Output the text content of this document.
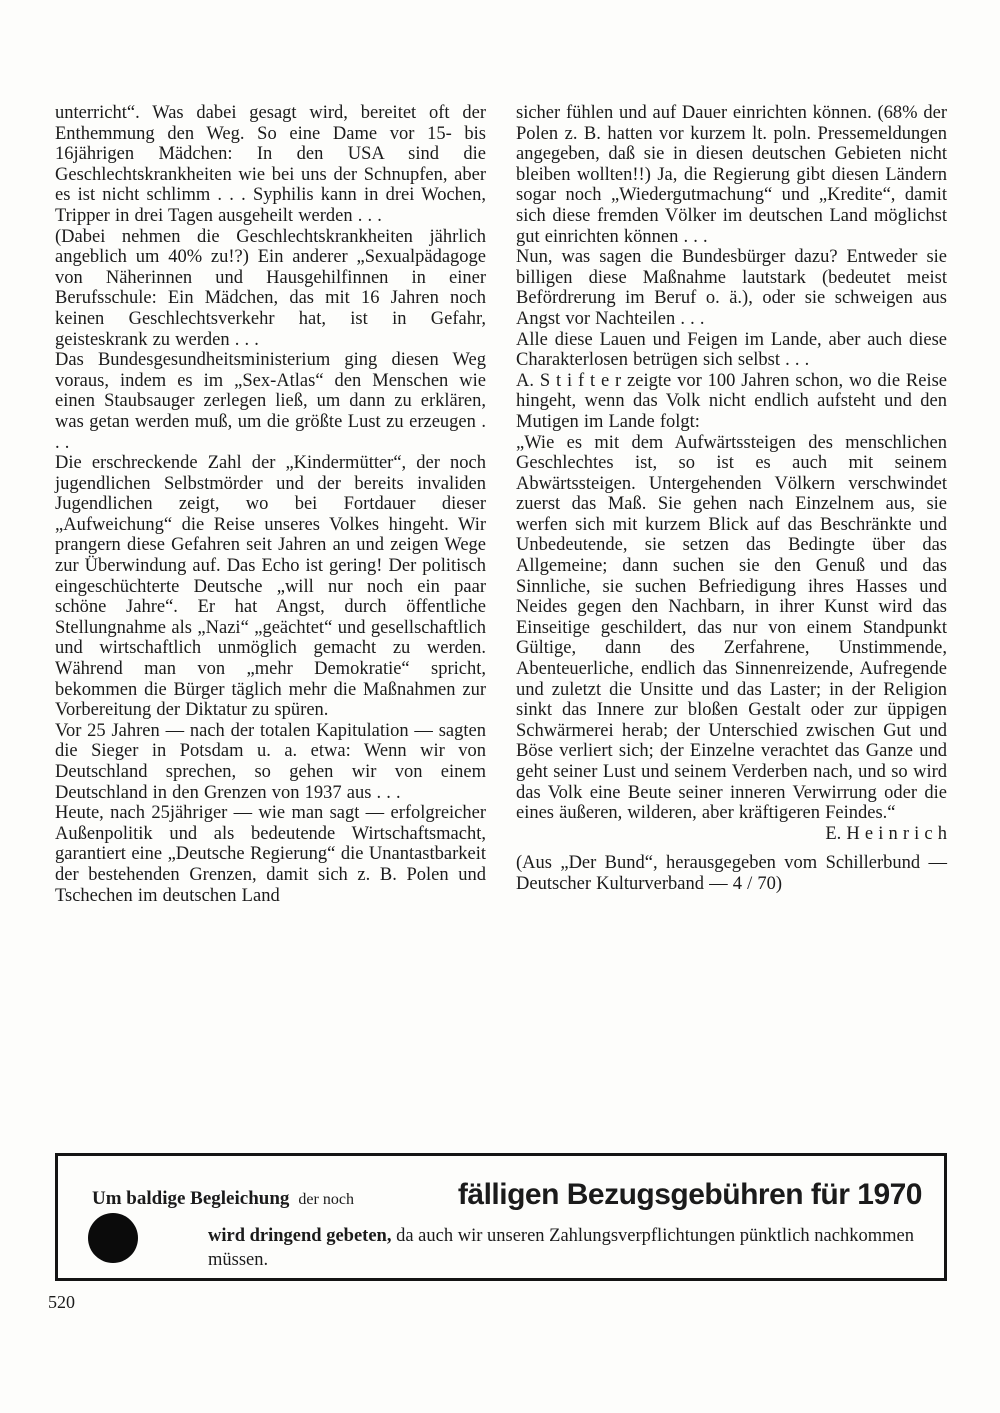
unterricht“. Was dabei gesagt wird, bereitet oft der Enthemmung den Weg. So eine Dame vor 15- bis 16jährigen Mädchen: In den USA sind die Geschlechtskrankheiten wie bei uns der Schnupfen, aber es ist nicht schlimm . . . Syphilis kann in drei Wochen, Tripper in drei Tagen ausgeheilt werden . . .

(Dabei nehmen die Geschlechtskrankheiten jährlich angeblich um 40% zu!?) Ein anderer „Sexualpädagoge von Näherinnen und Hausgehilfinnen in einer Berufsschule: Ein Mädchen, das mit 16 Jahren noch keinen Geschlechtsverkehr hat, ist in Gefahr, geisteskrank zu werden . . .

Das Bundesgesundheitsministerium ging diesen Weg voraus, indem es im „Sex-Atlas“ den Menschen wie einen Staubsauger zerlegen ließ, um dann zu erklären, was getan werden muß, um die größte Lust zu erzeugen . . .

Die erschreckende Zahl der „Kindermütter“, der noch jugendlichen Selbstmörder und der bereits invaliden Jugendlichen zeigt, wo bei Fortdauer dieser „Aufweichung“ die Reise unseres Volkes hingeht. Wir prangern diese Gefahren seit Jahren an und zeigen Wege zur Überwindung auf. Das Echo ist gering! Der politisch eingeschüchterte Deutsche „will nur noch ein paar schöne Jahre“. Er hat Angst, durch öffentliche Stellungnahme als „Nazi“ „geächtet“ und gesellschaftlich und wirtschaftlich unmöglich gemacht zu werden. Während man von „mehr Demokratie“ spricht, bekommen die Bürger täglich mehr die Maßnahmen zur Vorbereitung der Diktatur zu spüren.

Vor 25 Jahren — nach der totalen Kapitulation — sagten die Sieger in Potsdam u. a. etwa: Wenn wir von Deutschland sprechen, so gehen wir von einem Deutschland in den Grenzen von 1937 aus . . .

Heute, nach 25jähriger — wie man sagt — erfolgreicher Außenpolitik und als bedeutende Wirtschaftsmacht, garantiert eine „Deutsche Regierung“ die Unantastbarkeit der bestehenden Grenzen, damit sich z. B. Polen und Tschechen im deutschen Land

sicher fühlen und auf Dauer einrichten können. (68% der Polen z. B. hatten vor kurzem lt. poln. Pressemeldungen angegeben, daß sie in diesen deutschen Gebieten nicht bleiben wollten!!) Ja, die Regierung gibt diesen Ländern sogar noch „Wiedergutmachung“ und „Kredite“, damit sich diese fremden Völker im deutschen Land möglichst gut einrichten können . . .

Nun, was sagen die Bundesbürger dazu? Entweder sie billigen diese Maßnahme lautstark (bedeutet meist Befördrerung im Beruf o. ä.), oder sie schweigen aus Angst vor Nachteilen . . .

Alle diese Lauen und Feigen im Lande, aber auch diese Charakterlosen betrügen sich selbst . . .

A. S t i f t e r zeigte vor 100 Jahren schon, wo die Reise hingeht, wenn das Volk nicht endlich aufsteht und den Mutigen im Lande folgt:

„Wie es mit dem Aufwärtssteigen des menschlichen Geschlechtes ist, so ist es auch mit seinem Abwärtssteigen. Untergehenden Völkern verschwindet zuerst das Maß. Sie gehen nach Einzelnem aus, sie werfen sich mit kurzem Blick auf das Beschränkte und Unbedeutende, sie setzen das Bedingte über das Allgemeine; dann suchen sie den Genuß und das Sinnliche, sie suchen Befriedigung ihres Hasses und Neides gegen den Nachbarn, in ihrer Kunst wird das Einseitige geschildert, das nur von einem Standpunkt Gültige, dann des Zerfahrene, Unstimmende, Abenteuerliche, endlich das Sinnenreizende, Aufregende und zuletzt die Unsitte und das Laster; in der Religion sinkt das Innere zur bloßen Gestalt oder zur üppigen Schwärmerei herab; der Unterschied zwischen Gut und Böse verliert sich; der Einzelne verachtet das Ganze und geht seiner Lust und seinem Verderben nach, und so wird das Volk eine Beute seiner inneren Verwirrung oder die eines äußeren, wilderen, aber kräftigeren Feindes.“
E. H e i n r i c h

(Aus „Der Bund“, herausgegeben vom Schillerbund — Deutscher Kulturverband — 4 / 70)

Um baldige Begleichung der noch	fälligen Bezugsgebühren für 1970
wird dringend gebeten, da auch wir unseren Zahlungsverpflichtungen pünktlich nachkommen müssen.
520
